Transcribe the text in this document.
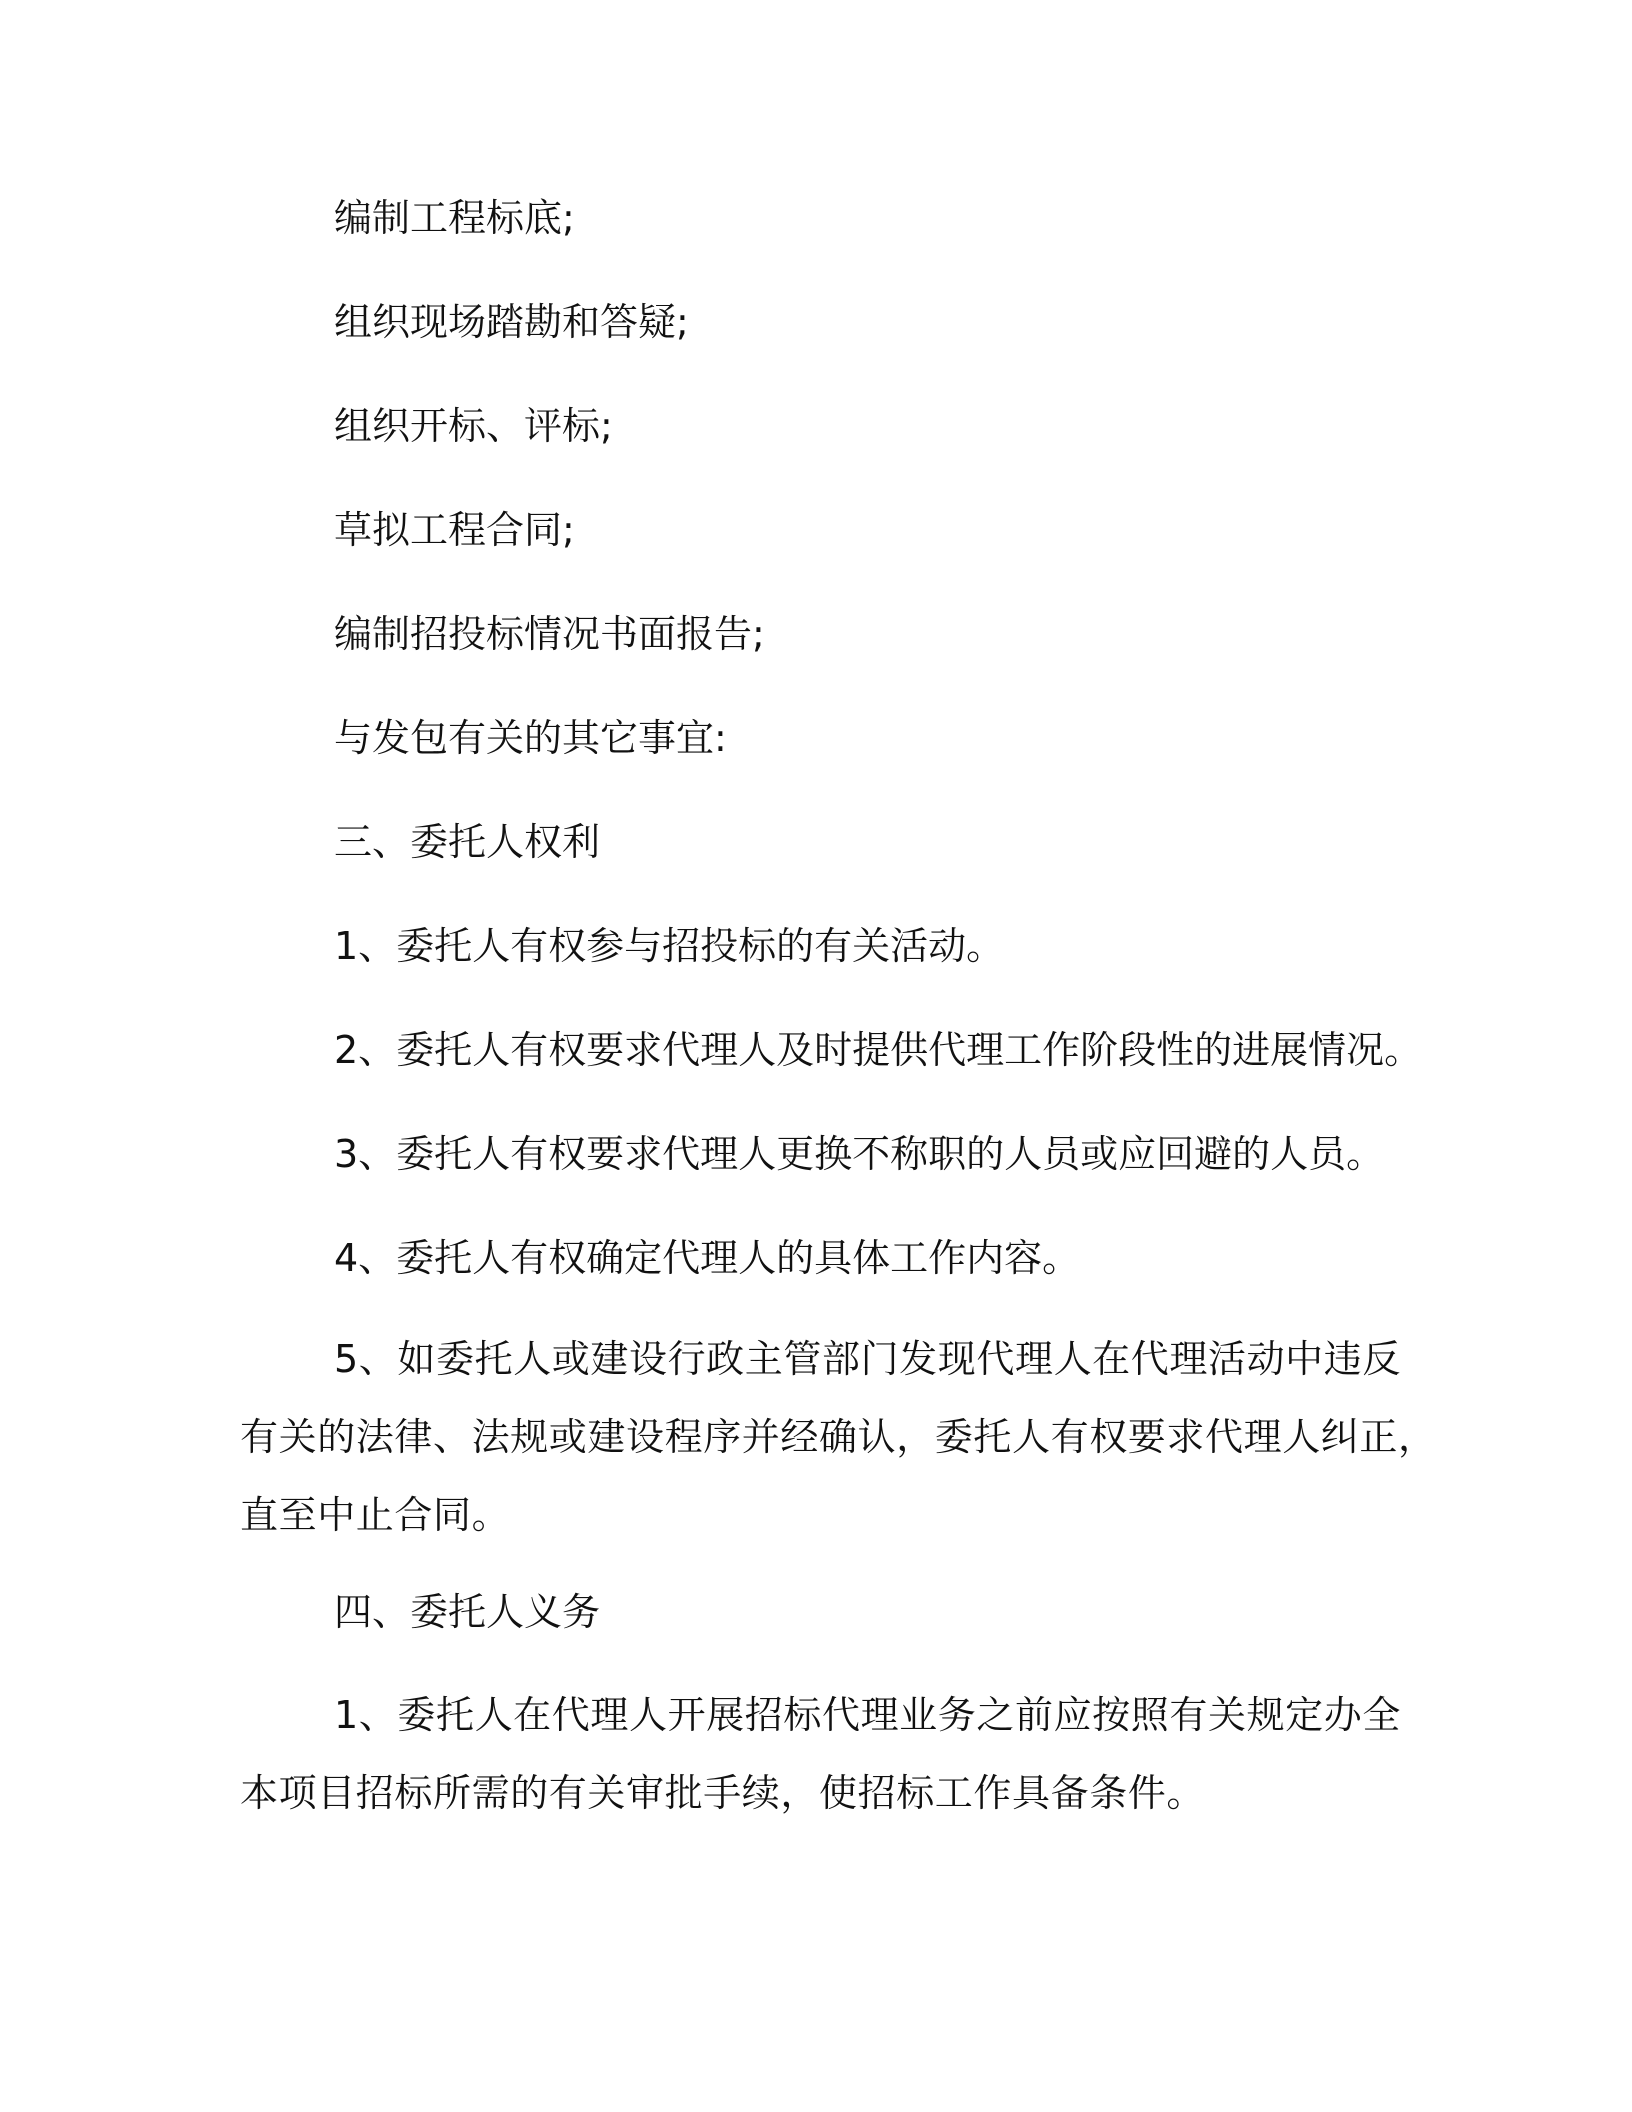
编制工程标底;
组织现场踏勘和答疑;
组织开标、评标;
草拟工程合同;
编制招投标情况书面报告;
与发包有关的其它事宜:
三、委托人权利
1、委托人有权参与招投标的有关活动。
2、委托人有权要求代理人及时提供代理工作阶段性的进展情况。
3、委托人有权要求代理人更换不称职的人员或应回避的人员。
4、委托人有权确定代理人的具体工作内容。
5、如委托人或建设行政主管部门发现代理人在代理活动中违反
有关的法律、法规或建设程序并经确认，委托人有权要求代理人纠正，
直至中止合同。
四、委托人义务
1、委托人在代理人开展招标代理业务之前应按照有关规定办全
本项目招标所需的有关审批手续，使招标工作具备条件。
